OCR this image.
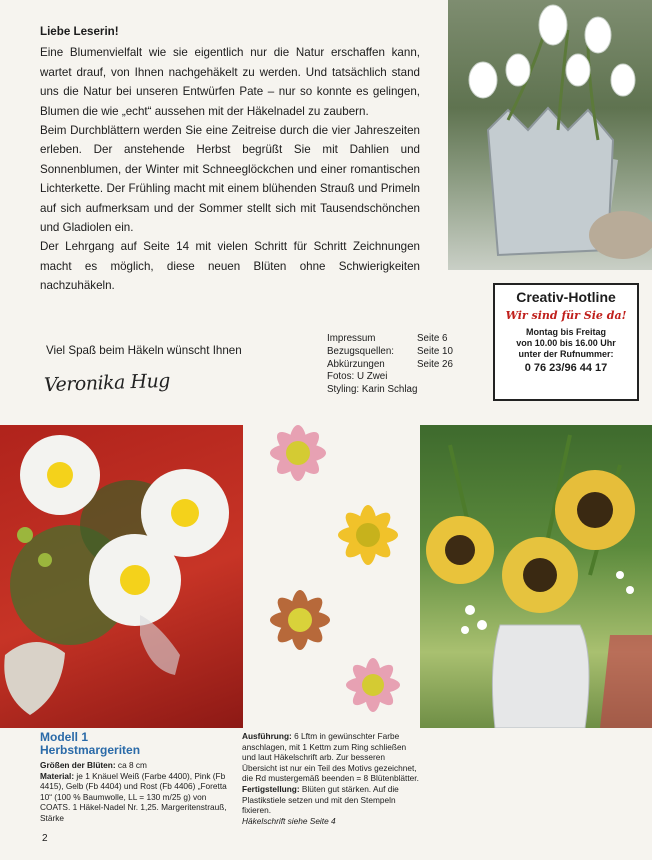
Liebe Leserin!

Eine Blumenvielfalt wie sie eigentlich nur die Natur erschaffen kann, wartet drauf, von Ihnen nachgehäkelt zu werden. Und tatsächlich stand uns die Natur bei unseren Entwürfen Pate – nur so konnte es gelingen, Blumen die wie „echt“ aussehen mit der Häkelnadel zu zaubern.

Beim Durchblättern werden Sie eine Zeitreise durch die vier Jahreszeiten erleben. Der anstehende Herbst begrüßt Sie mit Dahlien und Sonnenblumen, der Winter mit Schneeglöckchen und einer romantischen Lichterkette. Der Frühling macht mit einem blühenden Strauß und Primeln auf sich aufmerksam und der Sommer stellt sich mit Tausendschönchen und Gladiolen ein.

Der Lehrgang auf Seite 14 mit vielen Schritt für Schritt Zeichnungen macht es möglich, diese neuen Blüten ohne Schwierigkeiten nachzuhäkeln.

Viel Spaß beim Häkeln wünscht Ihnen
Veronika Hug
Impressum	Seite 6
Bezugsquellen:	Seite 10
Abkürzungen	Seite 26
Fotos: U Zwei
Styling: Karin Schlag
Creativ-Hotline
Wir sind für Sie da!
Montag bis Freitag
von 10.00 bis 16.00 Uhr
unter der Rufnummer:
0 76 23/96 44 17
Modell 1
Herbstmargeriten
Größen der Blüten: ca 8 cm
Material: je 1 Knäuel Weiß (Farbe 4400), Pink (Fb 4415), Gelb (Fb 4404) und Rost (Fb 4406) „Foretta 10“ (100 % Baumwolle, LL = 130 m/25 g) von COATS. 1 Häkel-Nadel Nr. 1,25. Margeritenstrauß, Stärke
Ausführung: 6 Lftm in gewünschter Farbe anschlagen, mit 1 Kettm zum Ring schließen und laut Häkelschrift arb. Zur besseren Übersicht ist nur ein Teil des Motivs gezeichnet, die Rd mustergemäß beenden = 8 Blütenblätter.
Fertigstellung: Blüten gut stärken. Auf die Plastikstiele setzen und mit den Stempeln fixieren.
Häkelschrift siehe Seite 4
2
